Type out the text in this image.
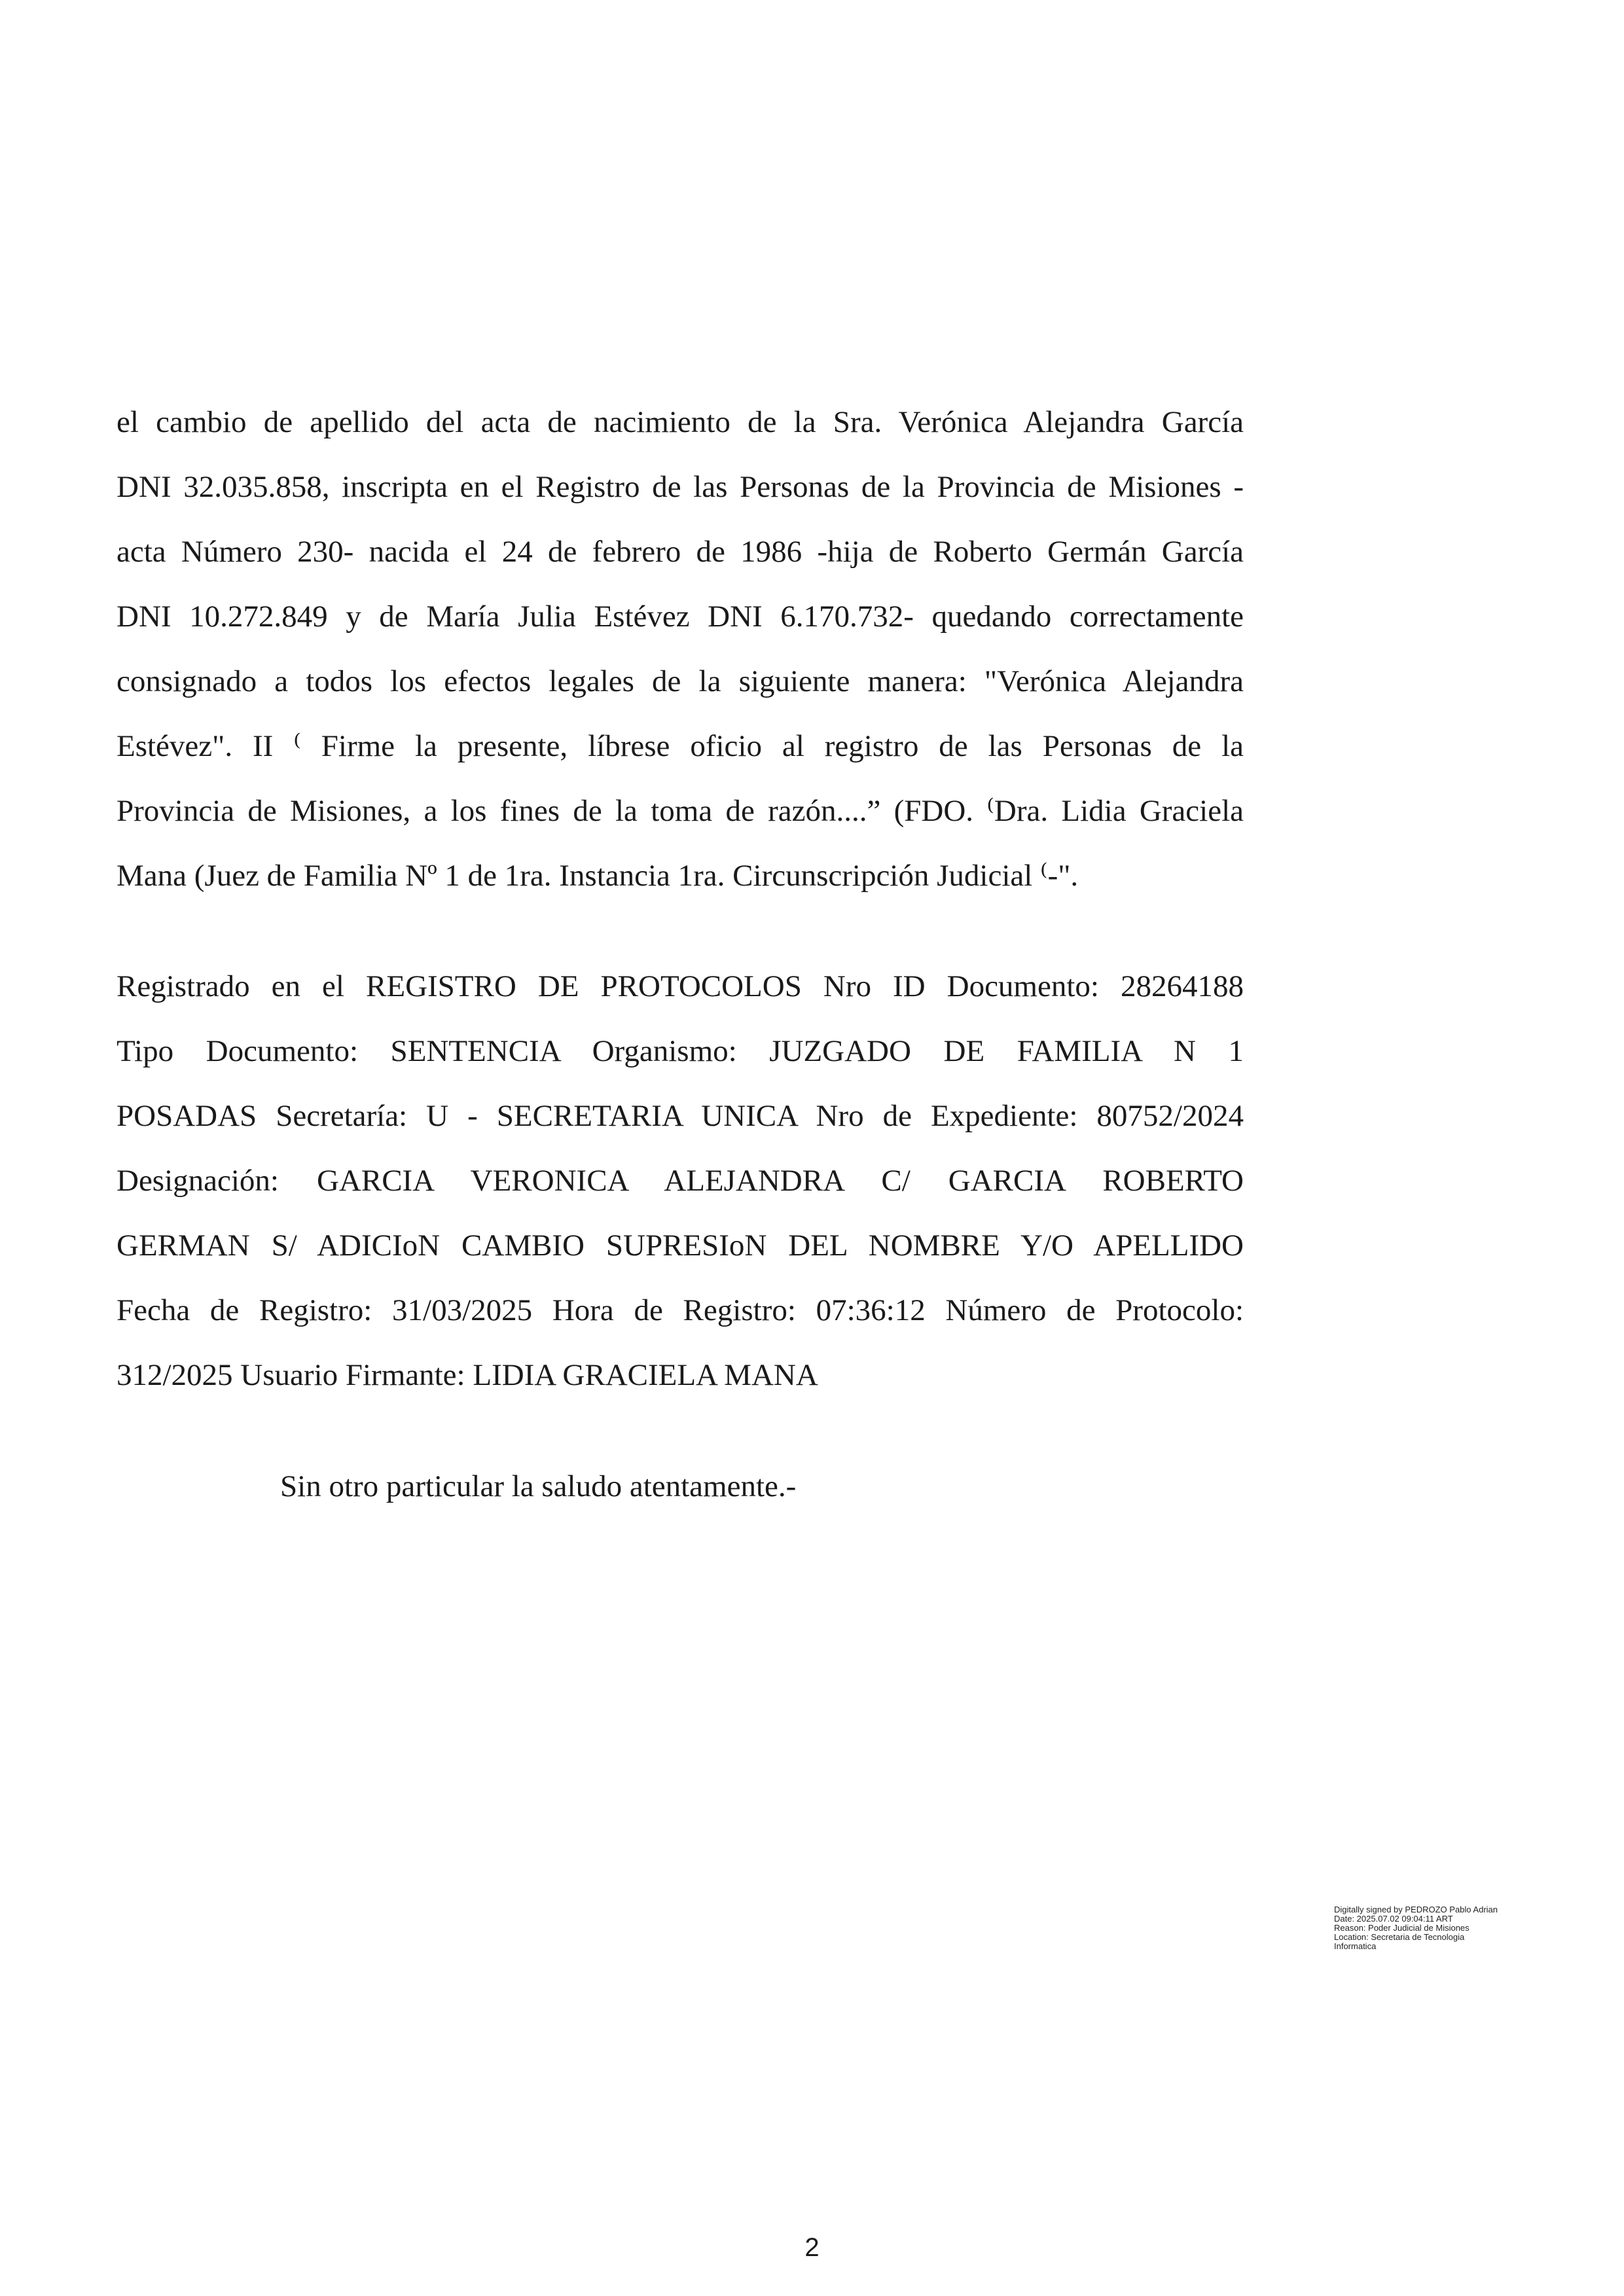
el cambio de apellido del acta de nacimiento de la Sra. Verónica Alejandra García
DNI 32.035.858, inscripta en el Registro de las Personas de la Provincia de Misiones -
acta Número 230- nacida el 24 de febrero de 1986 -hija de Roberto Germán García
DNI 10.272.849 y de María Julia Estévez DNI 6.170.732- quedando correctamente
consignado a todos los efectos legales de la siguiente manera: "Verónica Alejandra
Estévez". II ⁽ Firme la presente, líbrese oficio al registro de las Personas de la
Provincia de Misiones, a los fines de la toma de razón....” (FDO. ⁽Dra. Lidia Graciela
Mana (Juez de Familia Nº 1 de 1ra. Instancia 1ra. Circunscripción Judicial ⁽-".
Registrado en el REGISTRO DE PROTOCOLOS Nro ID Documento: 28264188
Tipo Documento: SENTENCIA Organismo: JUZGADO DE FAMILIA N 1
POSADAS Secretaría: U - SECRETARIA UNICA Nro de Expediente: 80752/2024
Designación: GARCIA VERONICA ALEJANDRA C/ GARCIA ROBERTO
GERMAN S/ ADICIoN CAMBIO SUPRESIoN DEL NOMBRE Y/O APELLIDO
Fecha de Registro: 31/03/2025 Hora de Registro: 07:36:12 Número de Protocolo:
312/2025 Usuario Firmante: LIDIA GRACIELA MANA

Sin otro particular la saludo atentamente.-

Digitally signed by PEDROZO Pablo Adrian
Date: 2025.07.02 09:04:11 ART
Reason: Poder Judicial de Misiones
Location: Secretaria de Tecnologia
Informatica
2
